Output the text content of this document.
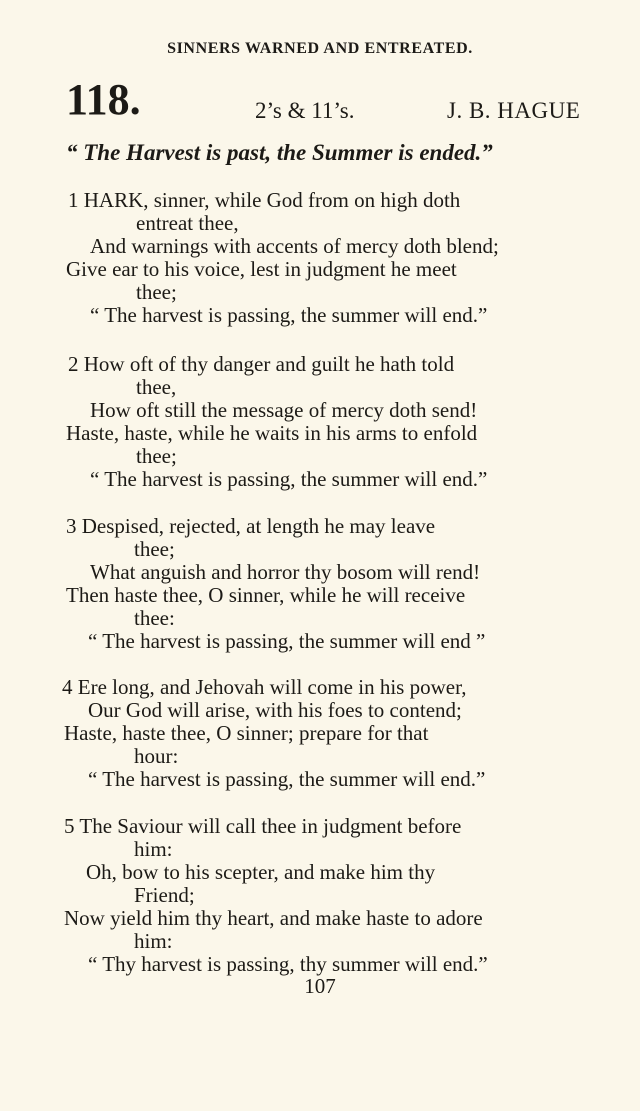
SINNERS WARNED AND ENTREATED.
118.	2’s & 11’s.	J. B. HAGUE
“ The Harvest is past, the Summer is ended.”
1 HARK, sinner, while God from on high doth
entreat thee,
And warnings with accents of mercy doth blend;
Give ear to his voice, lest in judgment he meet
thee;
“ The harvest is passing, the summer will end.”
2 How oft of thy danger and guilt he hath told
thee,
How oft still the message of mercy doth send!
Haste, haste, while he waits in his arms to enfold
thee;
“ The harvest is passing, the summer will end.”
3 Despised, rejected, at length he may leave
thee;
What anguish and horror thy bosom will rend!
Then haste thee, O sinner, while he will receive
thee:
“ The harvest is passing, the summer will end ”
4 Ere long, and Jehovah will come in his power,
Our God will arise, with his foes to contend;
Haste, haste thee, O sinner; prepare for that
hour:
“ The harvest is passing, the summer will end.”
5 The Saviour will call thee in judgment before
him:
Oh, bow to his scepter, and make him thy
Friend;
Now yield him thy heart, and make haste to adore
him:
“ Thy harvest is passing, thy summer will end.”
107
